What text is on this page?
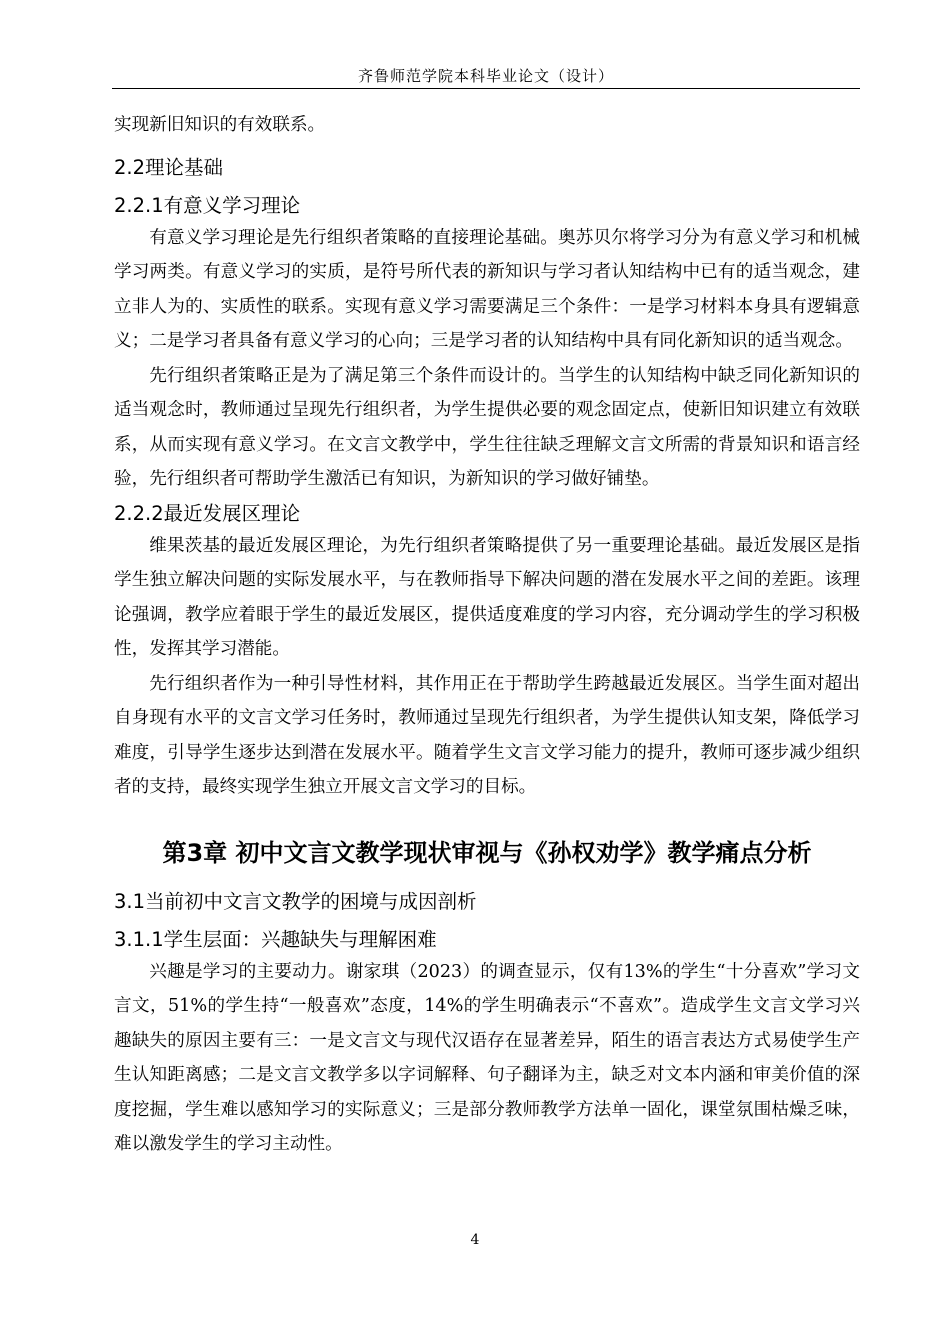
齐鲁师范学院本科毕业论文（设计）

实现新旧知识的有效联系。

2.2理论基础
2.2.1有意义学习理论

有意义学习理论是先行组织者策略的直接理论基础。奥苏贝尔将学习分为有意义学习和机械学习两类。有意义学习的实质，是符号所代表的新知识与学习者认知结构中已有的适当观念，建立非人为的、实质性的联系。实现有意义学习需要满足三个条件：一是学习材料本身具有逻辑意义；二是学习者具备有意义学习的心向；三是学习者的认知结构中具有同化新知识的适当观念。

先行组织者策略正是为了满足第三个条件而设计的。当学生的认知结构中缺乏同化新知识的适当观念时，教师通过呈现先行组织者，为学生提供必要的观念固定点，使新旧知识建立有效联系，从而实现有意义学习。在文言文教学中，学生往往缺乏理解文言文所需的背景知识和语言经验，先行组织者可帮助学生激活已有知识，为新知识的学习做好铺垫。

2.2.2最近发展区理论

维果茨基的最近发展区理论，为先行组织者策略提供了另一重要理论基础。最近发展区是指学生独立解决问题的实际发展水平，与在教师指导下解决问题的潜在发展水平之间的差距。该理论强调，教学应着眼于学生的最近发展区，提供适度难度的学习内容，充分调动学生的学习积极性，发挥其学习潜能。

先行组织者作为一种引导性材料，其作用正在于帮助学生跨越最近发展区。当学生面对超出自身现有水平的文言文学习任务时，教师通过呈现先行组织者，为学生提供认知支架，降低学习难度，引导学生逐步达到潜在发展水平。随着学生文言文学习能力的提升，教师可逐步减少组织者的支持，最终实现学生独立开展文言文学习的目标。

第3章 初中文言文教学现状审视与《孙权劝学》教学痛点分析
3.1当前初中文言文教学的困境与成因剖析
3.1.1学生层面：兴趣缺失与理解困难

兴趣是学习的主要动力。谢家琪（2023）的调查显示，仅有13%的学生“十分喜欢”学习文言文，51%的学生持“一般喜欢”态度，14%的学生明确表示“不喜欢”。造成学生文言文学习兴趣缺失的原因主要有三：一是文言文与现代汉语存在显著差异，陌生的语言表达方式易使学生产生认知距离感；二是文言文教学多以字词解释、句子翻译为主，缺乏对文本内涵和审美价值的深度挖掘，学生难以感知学习的实际意义；三是部分教师教学方法单一固化，课堂氛围枯燥乏味，难以激发学生的学习主动性。

4
